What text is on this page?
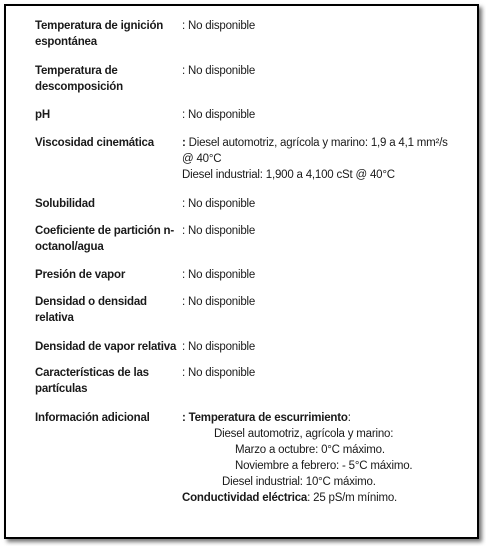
Temperatura de ignición espontánea
: No disponible
Temperatura de descomposición
: No disponible
pH	: No disponible
Viscosidad cinemática	: Diesel automotriz, agrícola y marino: 1,9 a 4,1 mm²/s @ 40°C
Diesel industrial: 1,900 a 4,100 cSt @ 40°C
Solubilidad	: No disponible
Coeficiente de partición n-octanol/agua
: No disponible
Presión de vapor	: No disponible
Densidad o densidad relativa
: No disponible
Densidad de vapor relativa : No disponible
Características de las partículas
: No disponible
Información adicional	: Temperatura de escurrimiento:
Diesel automotriz, agrícola y marino:
Marzo a octubre: 0°C máximo.
Noviembre a febrero: - 5°C máximo.
Diesel industrial: 10°C máximo.
Conductividad eléctrica: 25 pS/m mínimo.
